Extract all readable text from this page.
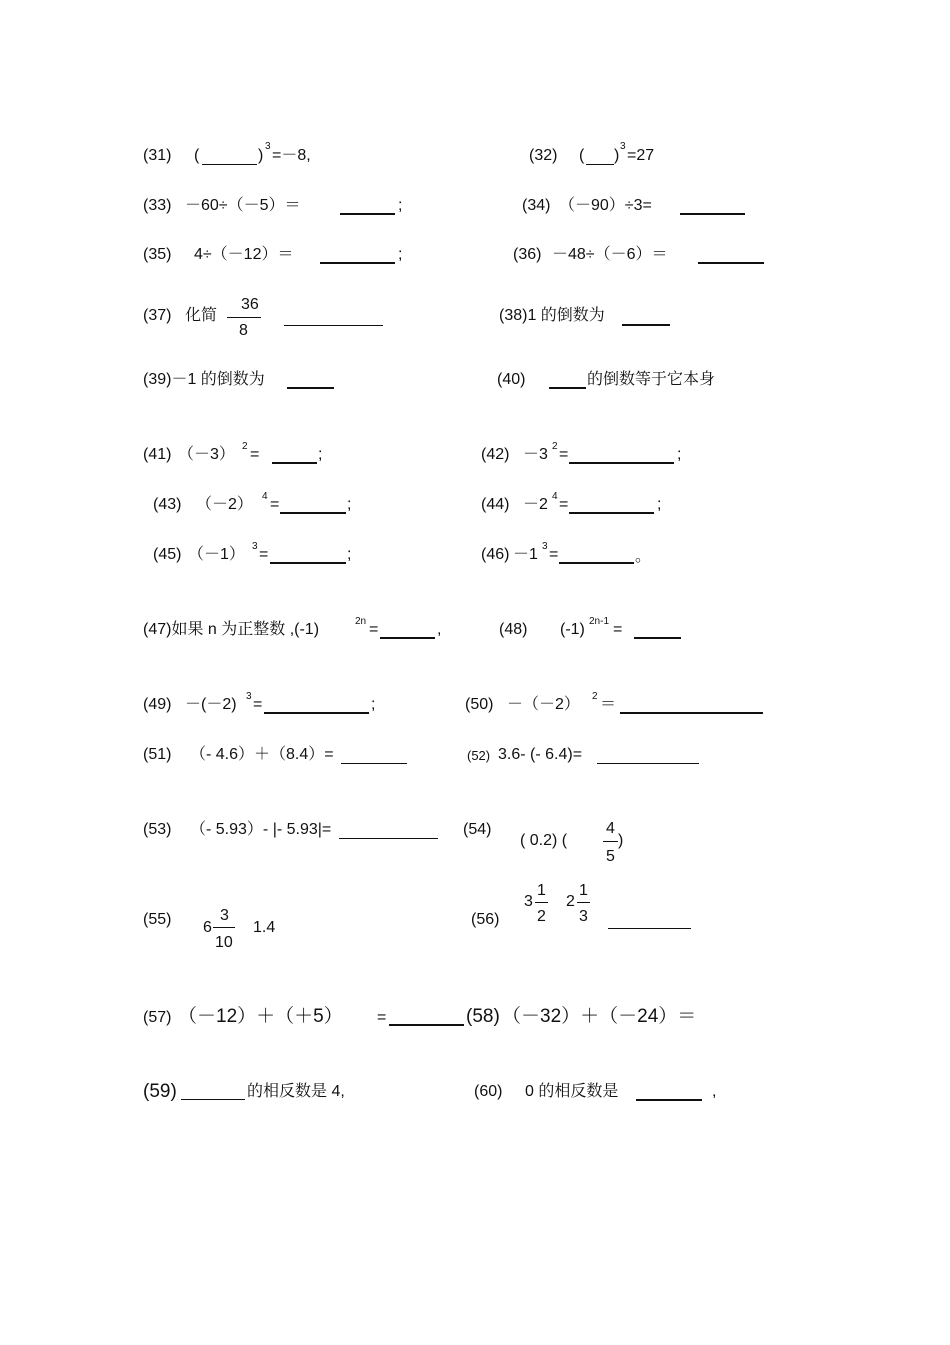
(31) (	)
3
=－8,	(32) ( )
3
=27
(33) －60÷（－5）＝	;	(34) （－90）÷3=
(35) 4÷（－12）＝	;	(36) －48÷（－6）＝
(37) 化简
36
8
(38)1 的倒数为
(39)－1 的倒数为	(40)	的倒数等于它本身
(41) （－3） 2 =	;	(42) －3 2 =	;
(43) （－2） 4 =	;	(44) －2 4 =	;
(45) （－1） 3 =	;	(46) －1 3 =	。
(47)如果 n 为正整数 ,(-1)	2n =	,	(48) (-1) 2n-1 =
(49) －(－2) 3 =	;	(50) －（－2） 2 ＝
(51) （- 4.6）＋（8.4）=	(52) 3.6- (- 6.4)=
(53) （- 5.93）- |- 5.93|=	(54)
( 0.2) (
4
5
)
(55) 6
3
10
1.4	(56)
3
1
2
2
1
3
(57) （－12）＋（＋5） =	(58) （－32）＋（－24）＝
(59)	的相反数是 4,	(60) 0 的相反数是	,
